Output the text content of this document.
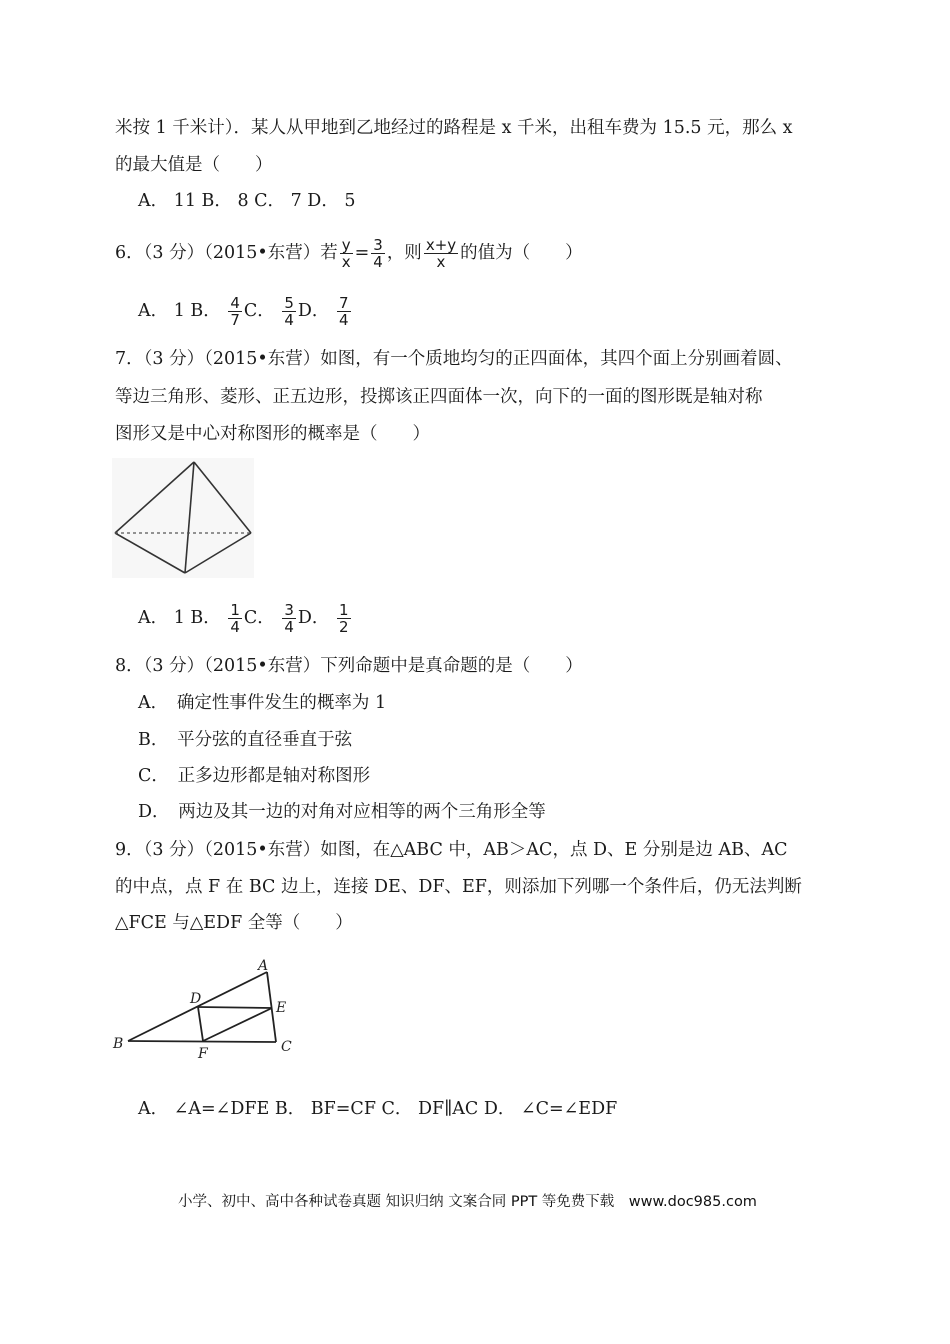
米按 1 千米计）．某人从甲地到乙地经过的路程是 x 千米，出租车费为 15.5 元，那么 x
的最大值是（　　）
A． 11 B． 8 C． 7 D． 5
6．（3 分）（2015•东营）若 $\frac{y}{x} = \frac{3}{4}$ ，则 $\frac{x+y}{x}$ 的值为（　　）
A． 1 B． $\frac{4}{7}$ C． $\frac{5}{4}$ D． $\frac{7}{4}$
7．（3 分）（2015•东营）如图，有一个质地均匀的正四面体，其四个面上分别画着圆、
等边三角形、菱形、正五边形，投掷该正四面体一次，向下的一面的图形既是轴对称
图形又是中心对称图形的概率是（　　）
A． 1 B． $\frac{1}{4}$ C． $\frac{3}{4}$ D． $\frac{1}{2}$
8．（3 分）（2015•东营）下列命题中是真命题的是（　　）
A．　确定性事件发生的概率为 1
B．　平分弦的直径垂直于弦
C．　正多边形都是轴对称图形
D．　两边及其一边的对角对应相等的两个三角形全等
9．（3 分）（2015•东营）如图，在△ABC 中，AB＞AC，点 D、E 分别是边 AB、AC
的中点，点 F 在 BC 边上，连接 DE、DF、EF，则添加下列哪一个条件后，仍无法判断
△FCE 与△EDF 全等（　　）
A
B	C
D
E
F
A． ∠A=∠DFE B． BF=CF C． DF∥AC D． ∠C=∠EDF
小学、初中、高中各种试卷真题 知识归纳 文案合同 PPT 等免费下载　www.doc985.com
